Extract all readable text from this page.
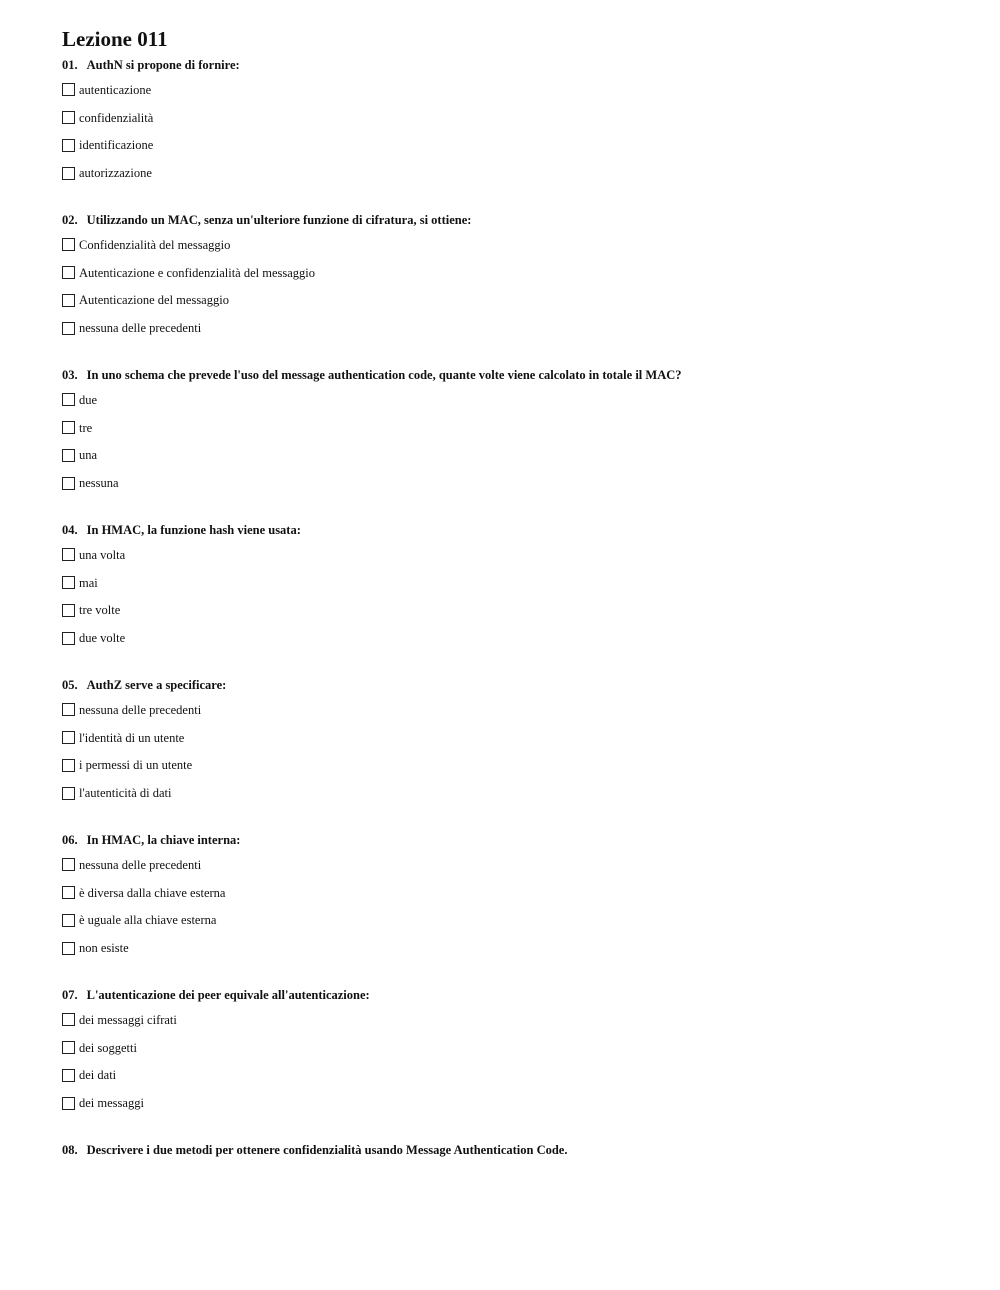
Lezione 011
01. AuthN si propone di fornire:
autenticazione
confidenzialità
identificazione
autorizzazione
02. Utilizzando un MAC, senza un'ulteriore funzione di cifratura, si ottiene:
Confidenzialità del messaggio
Autenticazione e confidenzialità del messaggio
Autenticazione del messaggio
nessuna delle precedenti
03. In uno schema che prevede l'uso del message authentication code, quante volte viene calcolato in totale il MAC?
due
tre
una
nessuna
04. In HMAC, la funzione hash viene usata:
una volta
mai
tre volte
due volte
05. AuthZ serve a specificare:
nessuna delle precedenti
l'identità di un utente
i permessi di un utente
l'autenticità di dati
06. In HMAC, la chiave interna:
nessuna delle precedenti
è diversa dalla chiave esterna
è uguale alla chiave esterna
non esiste
07. L'autenticazione dei peer equivale all'autenticazione:
dei messaggi cifrati
dei soggetti
dei dati
dei messaggi
08. Descrivere i due metodi per ottenere confidenzialità usando Message Authentication Code.
